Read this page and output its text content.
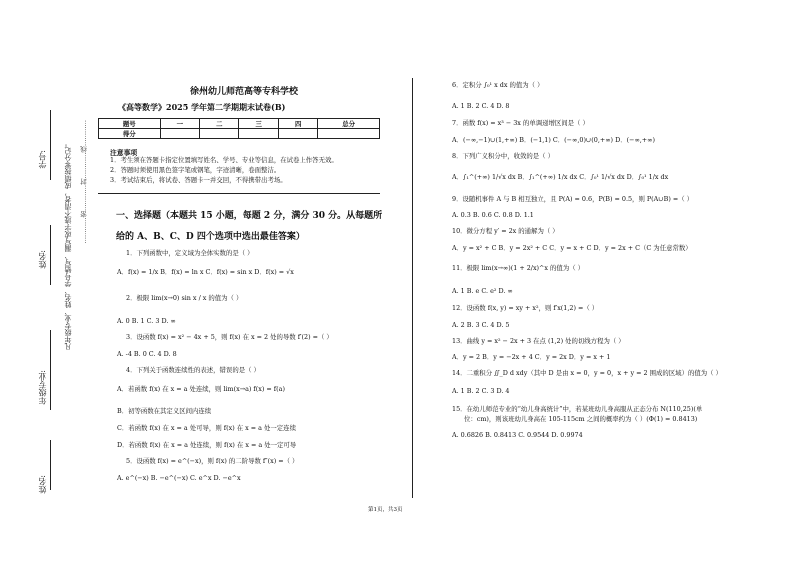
学号:
姓名:
年级专业:
姓名:
凡年级专业、姓名、学号错写、漏写或字迹不清者，成绩按零分记。 …………密…………封…………线…………
徐州幼儿师范高等专科学校
《高等数学》2025 学年第二学期期末试卷(B)
题号	一	二	三	四	总分
得分					
注意事项
1．考生须在答题卡指定位置填写姓名、学号、专业等信息，在试卷上作答无效。
2．答题时须使用黑色签字笔或钢笔，字迹清晰，卷面整洁。
3．考试结束后，将试卷、答题卡一并交回，不得携带出考场。
一、选择题（本题共 15 小题，每题 2 分，满分 30 分。从每题所
给的 A、B、C、D 四个选项中选出最佳答案）
1．下列函数中，定义域为全体实数的是（ ）
A．f(x) = 1/x B．f(x) = ln x C．f(x) = sin x D．f(x) = √x
2．极限 lim(x→0) sin x / x 的值为（ ）
A. 0 B. 1 C. 3 D. ∞
3．设函数 f(x) = x² − 4x + 5，则 f(x) 在 x = 2 处的导数 f′(2) =（ ）
A. -4 B. 0 C. 4 D. 8
4．下列关于函数连续性的表述，错误的是（ ）
A．若函数 f(x) 在 x = a 处连续，则 lim(x→a) f(x) = f(a)
B．初等函数在其定义区间内连续
C．若函数 f(x) 在 x = a 处可导，则 f(x) 在 x = a 处一定连续
D．若函数 f(x) 在 x = a 处连续，则 f(x) 在 x = a 处一定可导
5．设函数 f(x) = e^(−x)，则 f(x) 的二阶导数 f″(x) =（ ）
A. e^(−x) B. −e^(−x) C. e^x D. −e^x
6．定积分 ∫₀¹ x dx 的值为（ ）
A. 1 B. 2 C. 4 D. 8
7．函数 f(x) = x³ − 3x 的单调递增区间是（ ）
A．(−∞,−1)∪(1,+∞) B．(−1,1) C．(−∞,0)∪(0,+∞) D．(−∞,+∞)
8．下列广义积分中，收敛的是（ ）
A．∫₁^(+∞) 1/√x dx B．∫₁^(+∞) 1/x dx C．∫₀¹ 1/√x dx D．∫₀¹ 1/x dx
9．设随机事件 A 与 B 相互独立，且 P(A) = 0.6，P(B) = 0.5，则 P(A∪B) =（ ）
A. 0.3 B. 0.6 C. 0.8 D. 1.1
10．微分方程 y′ = 2x 的通解为（ ）
A．y = x² + C B．y = 2x² + C C．y = x + C D．y = 2x + C（C 为任意常数）
11．极限 lim(x→∞)(1 + 2/x)^x 的值为（ ）
A. 1 B. e C. e² D. ∞
12．设函数 f(x, y) = xy + x²，则 f′x(1,2) =（ ）
A. 2 B. 3 C. 4 D. 5
13．曲线 y = x² − 2x + 3 在点 (1,2) 处的切线方程为（ ）
A．y = 2 B．y = −2x + 4 C．y = 2x D．y = x + 1
14．二重积分 ∬_D d xdy（其中 D 是由 x = 0，y = 0，x + y = 2 围成的区域）的值为（ ）
A. 1 B. 2 C. 3 D. 4
15．在幼儿师范专业的“幼儿身高统计”中，若某班幼儿身高服从正态分布 N(110,25)(单
位：cm)，则该班幼儿身高在 105-115cm 之间的概率约为（ ）(Φ(1) = 0.8413)
A. 0.6826 B. 0.8413 C. 0.9544 D. 0.9974
第1页，共3页
